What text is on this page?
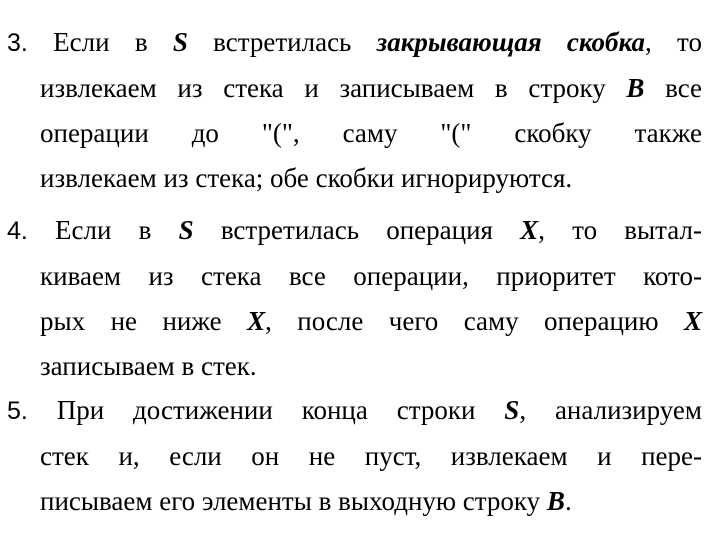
3. Если в S встретилась закрывающая скобка, то
извлекаем из стека и записываем в строку B все
операции до "(", саму "(" скобку также
извлекаем из стека; обе скобки игнорируются.
4. Если в S встретилась операция X, то вытал-
киваем из стека все операции, приоритет кото-
рых не ниже X, после чего саму операцию X
записываем в стек.
5. При достижении конца строки S, анализируем
стек и, если он не пуст, извлекаем и пере-
писываем его элементы в выходную строку B.
